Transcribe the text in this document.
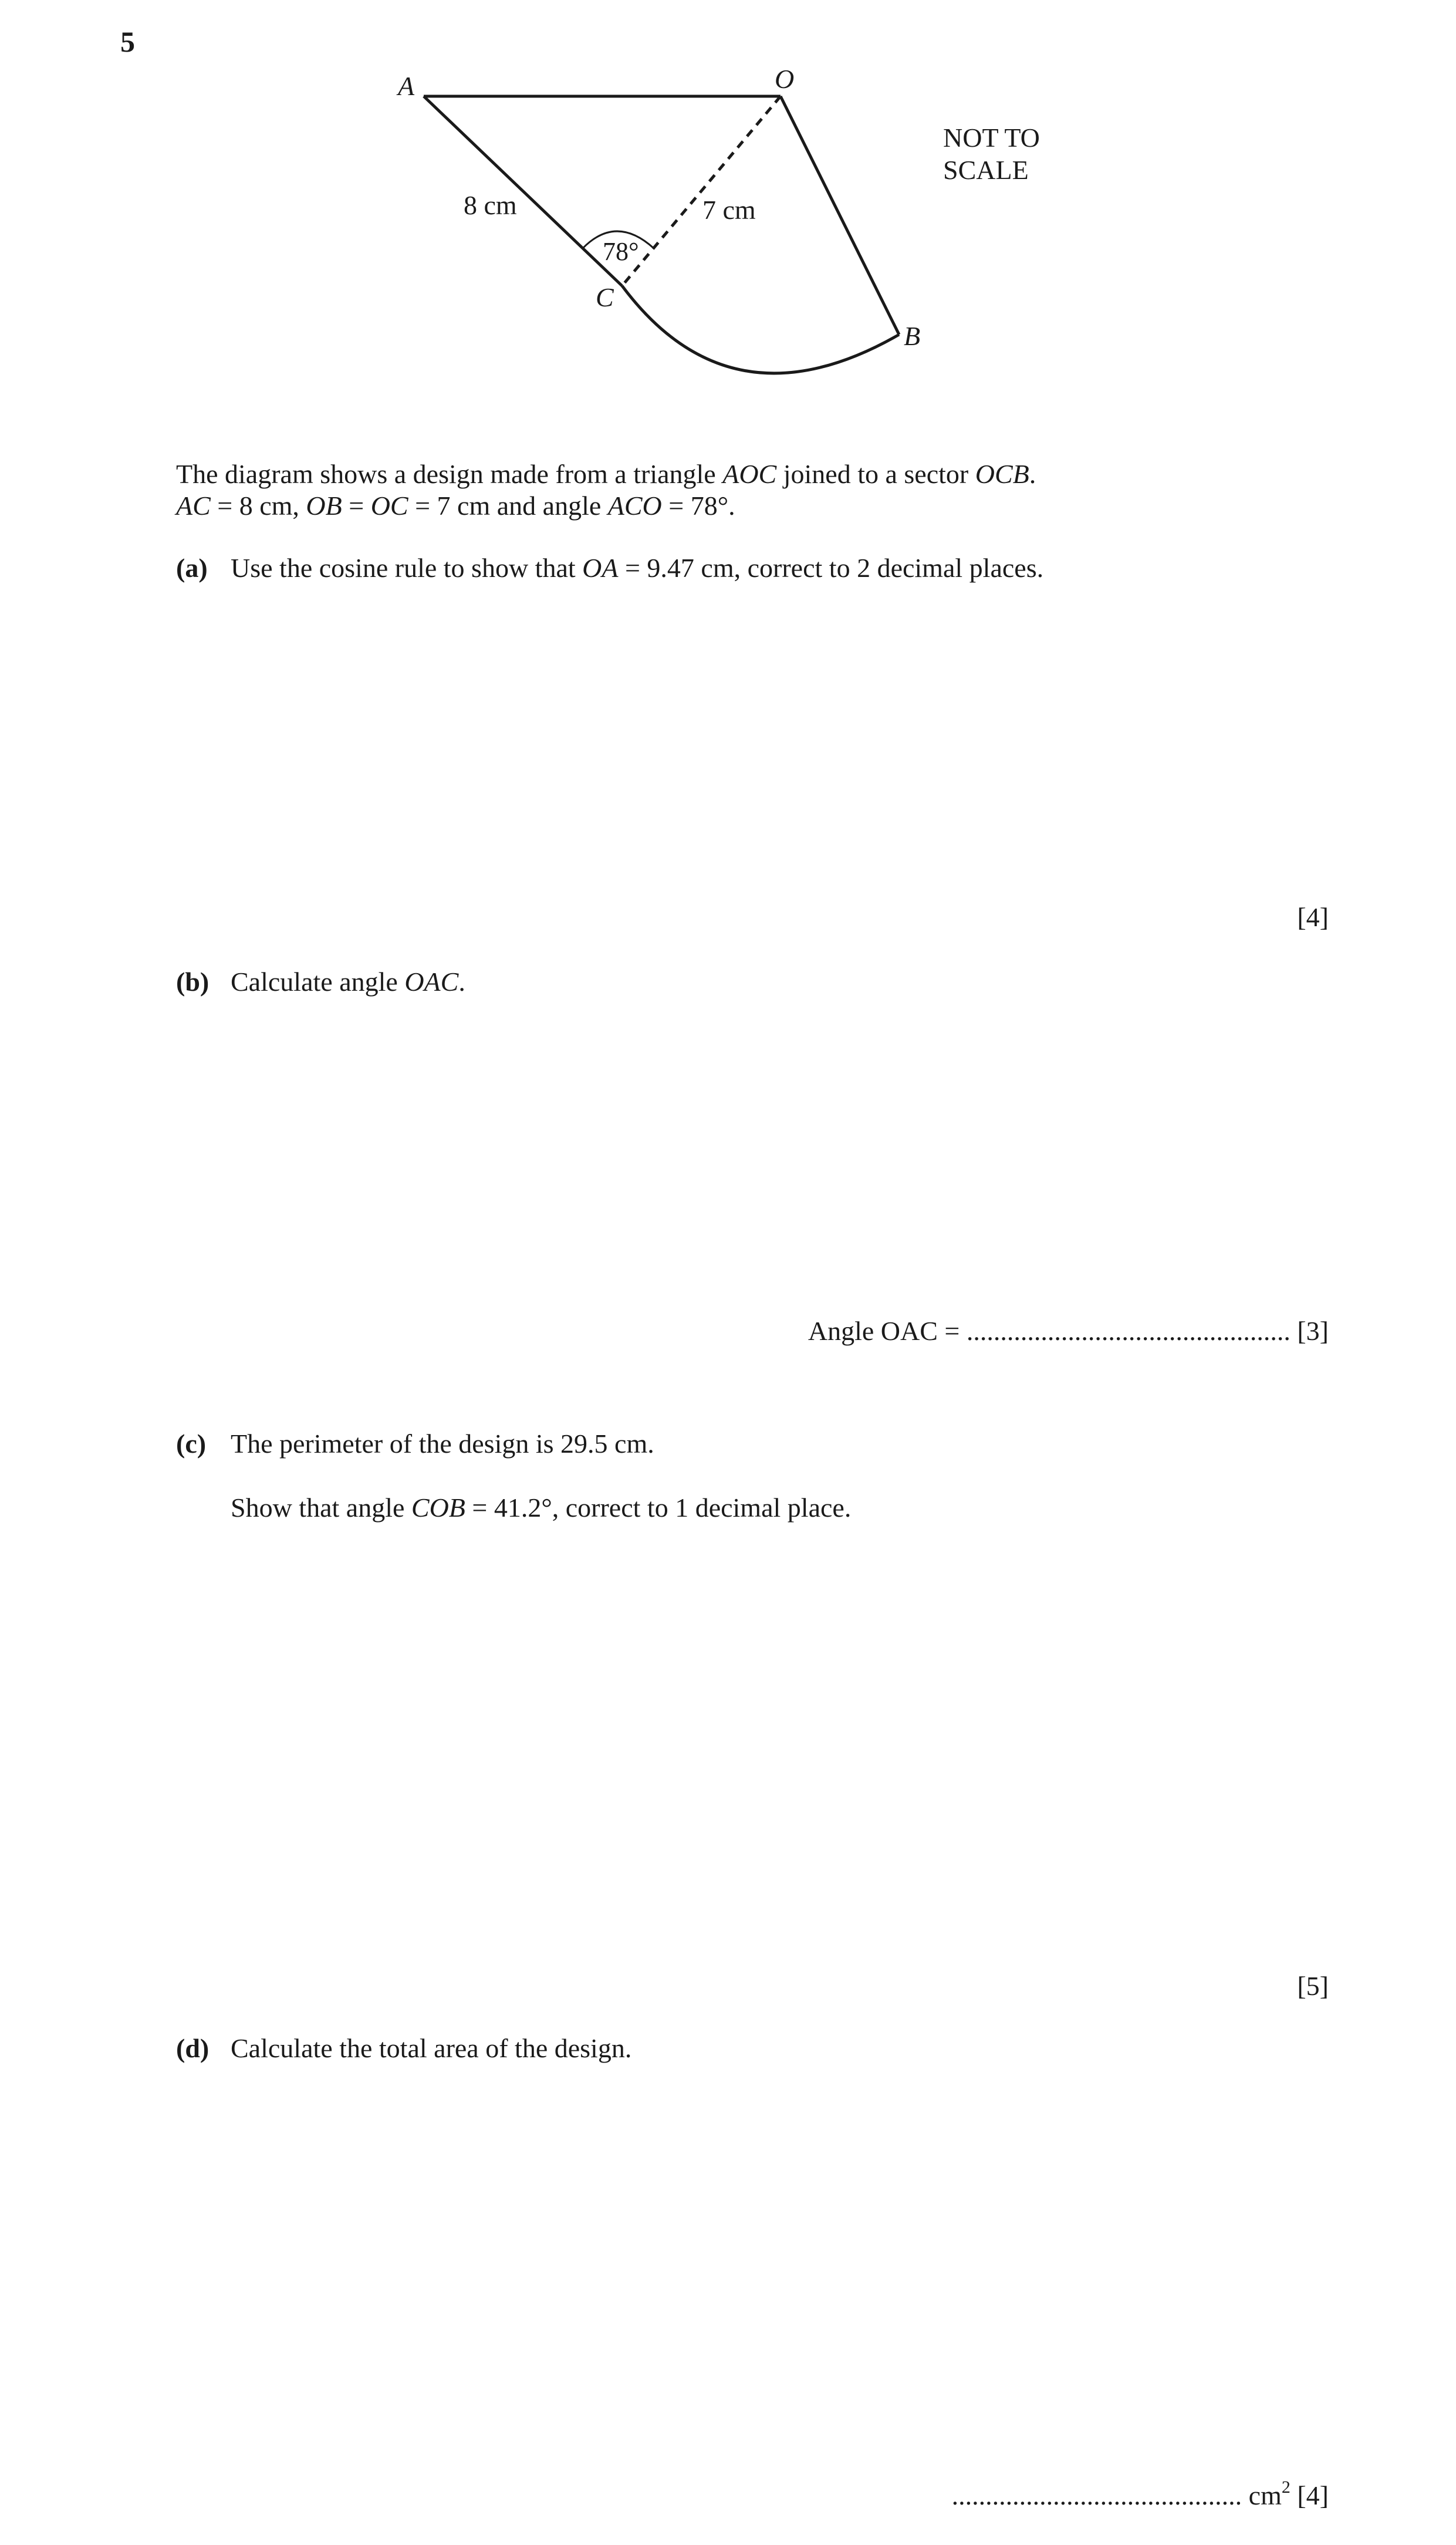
5
A	O
C
B
8 cm	7 cm
78°
NOT TO
SCALE
The diagram shows a design made from a triangle AOC joined to a sector OCB.
AC = 8 cm, OB = OC = 7 cm and angle ACO = 78°.
(a) Use the cosine rule to show that OA = 9.47 cm, correct to 2 decimal places.
[4]
(b) Calculate angle OAC.
Angle OAC = ................................................ [3]
(c) The perimeter of the design is 29.5 cm.
Show that angle COB = 41.2°, correct to 1 decimal place.
[5]
(d) Calculate the total area of the design.
........................................... $cm^2$ [4]
